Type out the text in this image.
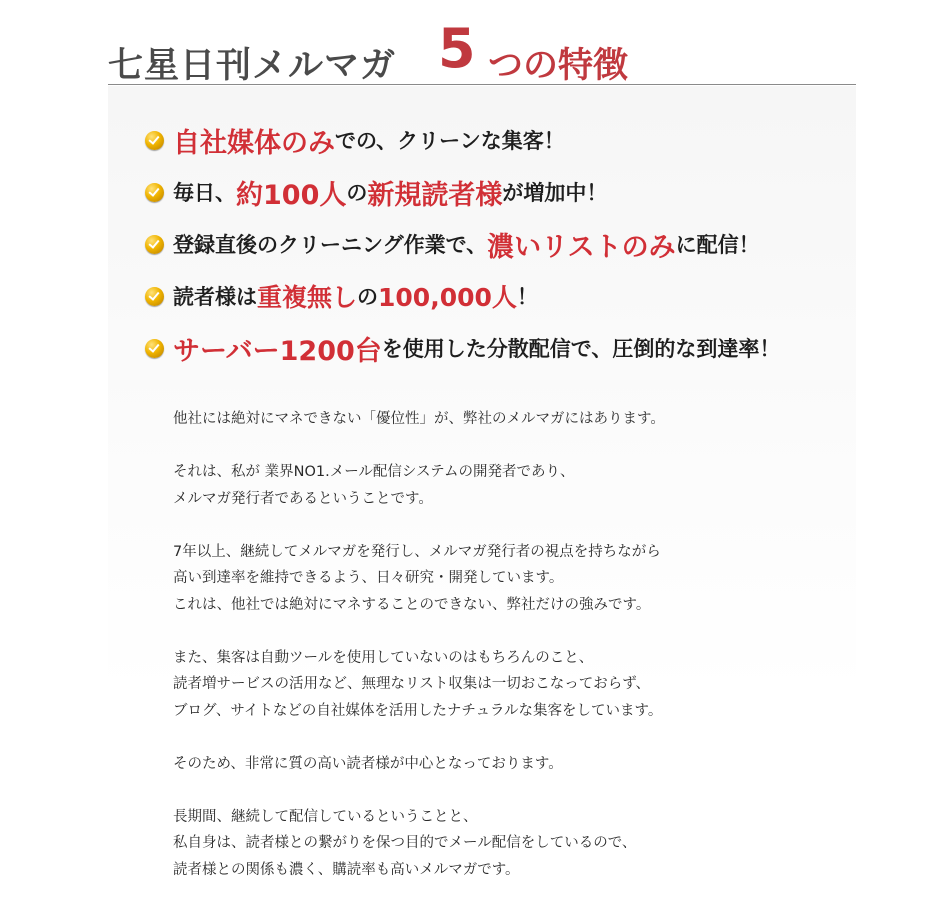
七星日刊メルマガ 5 つの特徴
自社媒体のみ での、クリーンな集客！
毎日、 約100人 の 新規読者様 が増加中！
登録直後のクリーニング作業で、 濃いリストのみ に配信！
読者様は 重複無し の 100,000人 ！
サーバー1200台 を使用した分散配信で、圧倒的な到達率！

他社には絶対にマネできない「優位性」が、弊社のメルマガにはあります。

それは、私が 業界NO1.メール配信システムの開発者であり、
メルマガ発行者であるということです。

7年以上、継続してメルマガを発行し、メルマガ発行者の視点を持ちながら
高い到達率を維持できるよう、日々研究・開発しています。
これは、他社では絶対にマネすることのできない、弊社だけの強みです。

また、集客は自動ツールを使用していないのはもちろんのこと、
読者増サービスの活用など、無理なリスト収集は一切おこなっておらず、
ブログ、サイトなどの自社媒体を活用したナチュラルな集客をしています。

そのため、非常に質の高い読者様が中心となっております。

長期間、継続して配信しているということと、
私自身は、読者様との繋がりを保つ目的でメール配信をしているので、
読者様との関係も濃く、購読率も高いメルマガです。
